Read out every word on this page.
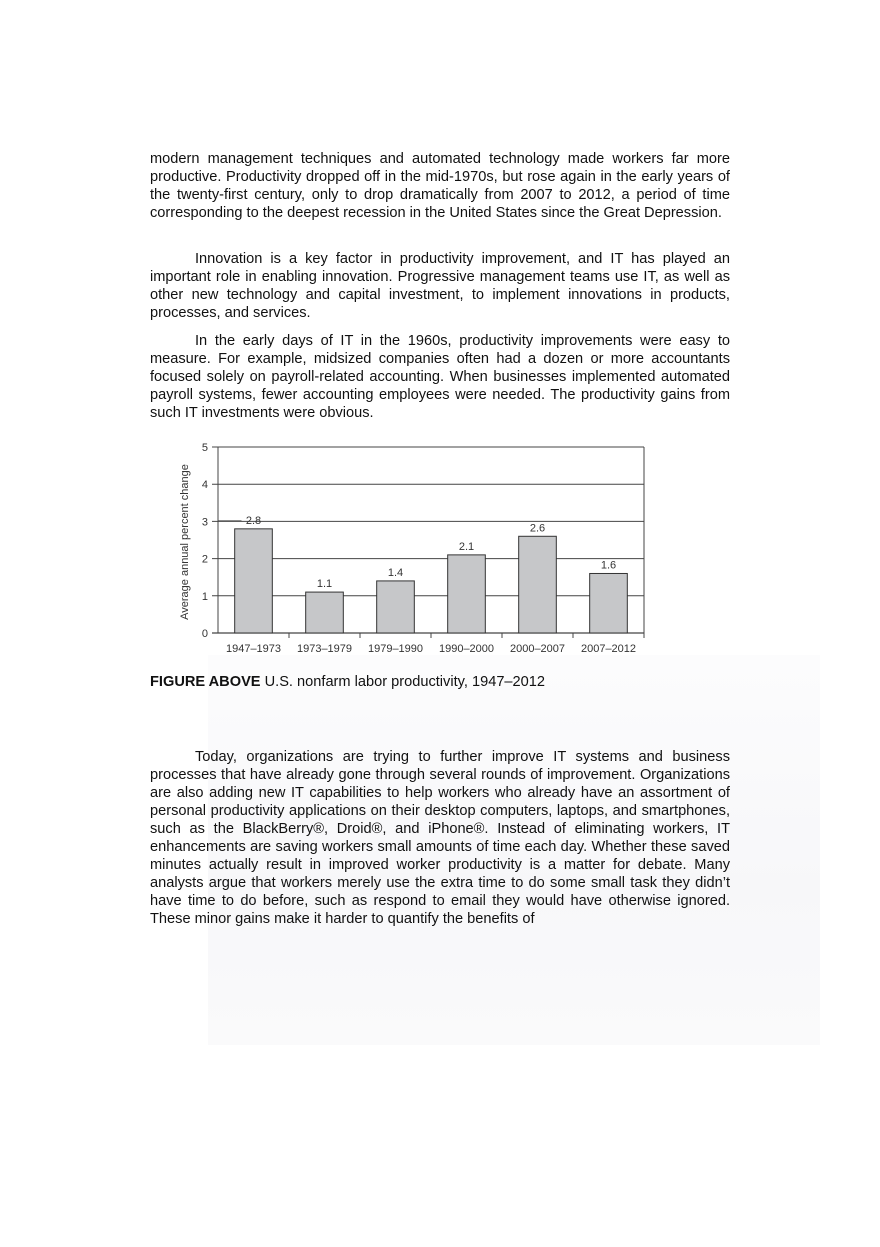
modern management techniques and automated technology made workers far more productive. Productivity dropped off in the mid-1970s, but rose again in the early years of the twenty-first century, only to drop dramatically from 2007 to 2012, a period of time corresponding to the deepest recession in the United States since the Great Depression.

Innovation is a key factor in productivity improvement, and IT has played an important role in enabling innovation. Progressive management teams use IT, as well as other new technology and capital investment, to implement innovations in products, processes, and services.

In the early days of IT in the 1960s, productivity improvements were easy to measure. For example, midsized companies often had a dozen or more accountants focused solely on payroll-related accounting. When businesses implemented automated payroll systems, fewer accounting employees were needed. The productivity gains from such IT investments were obvious.

0
1
2
3
4
5
1947–1973
2.8
1973–1979
1.1
1979–1990
1.4
1990–2000
2.1
2000–2007
2.6
2007–2012
1.6
Average annual percent change
FIGURE ABOVE U.S. nonfarm labor productivity, 1947–2012

Today, organizations are trying to further improve IT systems and business processes that have already gone through several rounds of improvement. Organizations are also adding new IT capabilities to help workers who already have an assortment of personal productivity applications on their desktop computers, laptops, and smartphones, such as the BlackBerry®, Droid®, and iPhone®. Instead of eliminating workers, IT enhancements are saving workers small amounts of time each day. Whether these saved minutes actually result in improved worker productivity is a matter for debate. Many analysts argue that workers merely use the extra time to do some small task they didn’t have time to do before, such as respond to email they would have otherwise ignored. These minor gains make it harder to quantify the benefits of
